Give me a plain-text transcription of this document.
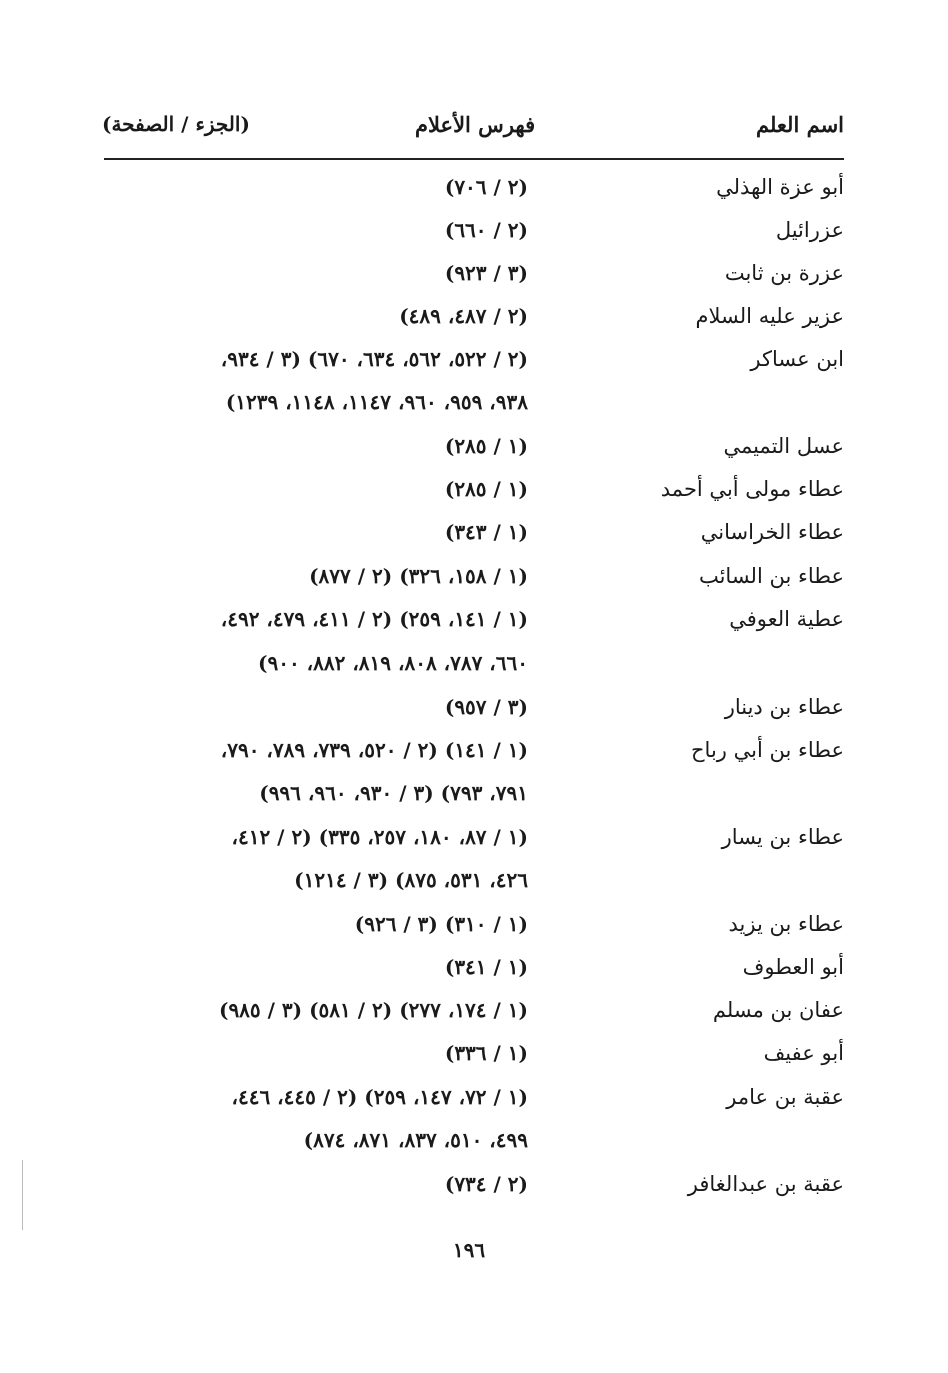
اسم العلم
فهرس الأعلام
(الجزء / الصفحة)
أبو عزة الهذلي
(٢ / ٧٠٦)
عزرائيل
(٢ / ٦٦٠)
عزرة بن ثابت
(٣ / ٩٢٣)
عزير عليه السلام
(٢ / ٤٨٧، ٤٨٩)
ابن عساكر
(٢ / ٥٢٢، ٥٦٢، ٦٣٤، ٦٧٠) (٣ / ٩٣٤،
٩٣٨، ٩٥٩، ٩٦٠، ١١٤٧، ١١٤٨، ١٢٣٩)
عسل التميمي
(١ / ٢٨٥)
عطاء مولى أبي أحمد
(١ / ٢٨٥)
عطاء الخراساني
(١ / ٣٤٣)
عطاء بن السائب
(١ / ١٥٨، ٣٢٦) (٢ / ٨٧٧)
عطية العوفي
(١ / ١٤١، ٢٥٩) (٢ / ٤١١، ٤٧٩، ٤٩٢،
٦٦٠، ٧٨٧، ٨٠٨، ٨١٩، ٨٨٢، ٩٠٠)
عطاء بن دينار
(٣ / ٩٥٧)
عطاء بن أبي رباح
(١ / ١٤١) (٢ / ٥٢٠، ٧٣٩، ٧٨٩، ٧٩٠،
٧٩١، ٧٩٣) (٣ / ٩٣٠، ٩٦٠، ٩٩٦)
عطاء بن يسار
(١ / ٨٧، ١٨٠، ٢٥٧، ٣٣٥) (٢ / ٤١٢،
٤٢٦، ٥٣١، ٨٧٥) (٣ / ١٢١٤)
عطاء بن يزيد
(١ / ٣١٠) (٣ / ٩٢٦)
أبو العطوف
(١ / ٣٤١)
عفان بن مسلم
(١ / ١٧٤، ٢٧٧) (٢ / ٥٨١) (٣ / ٩٨٥)
أبو عفيف
(١ / ٣٣٦)
عقبة بن عامر
(١ / ٧٢، ١٤٧، ٢٥٩) (٢ / ٤٤٥، ٤٤٦،
٤٩٩، ٥١٠، ٨٣٧، ٨٧١، ٨٧٤)
عقبة بن عبدالغافر
(٢ / ٧٣٤)
١٩٦
